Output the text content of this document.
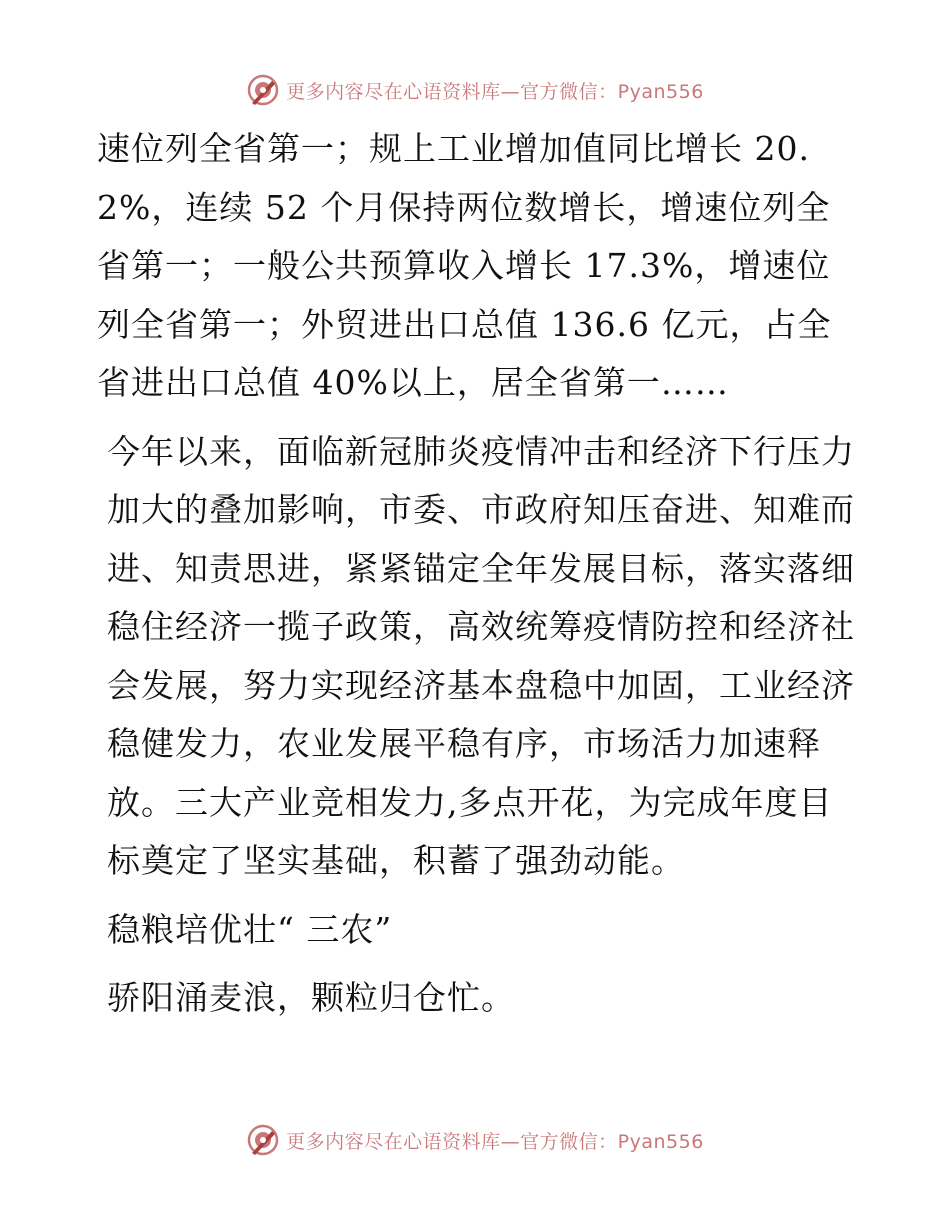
更多内容尽在心语资料库—官方微信：Pyan556

速位列全省第一；规上工业增加值同比增长 20.2%，连续 52 个月保持两位数增长，增速位列全省第一；一般公共预算收入增长 17.3%，增速位列全省第一；外贸进出口总值 136.6 亿元，占全省进出口总值 40%以上，居全省第一……

今年以来，面临新冠肺炎疫情冲击和经济下行压力加大的叠加影响，市委、市政府知压奋进、知难而进、知责思进，紧紧锚定全年发展目标，落实落细稳住经济一揽子政策，高效统筹疫情防控和经济社会发展，努力实现经济基本盘稳中加固，工业经济稳健发力，农业发展平稳有序，市场活力加速释放。三大产业竞相发力,多点开花，为完成年度目标奠定了坚实基础，积蓄了强劲动能。

稳粮培优壮“ 三农”

骄阳涌麦浪，颗粒归仓忙。

更多内容尽在心语资料库—官方微信：Pyan556
